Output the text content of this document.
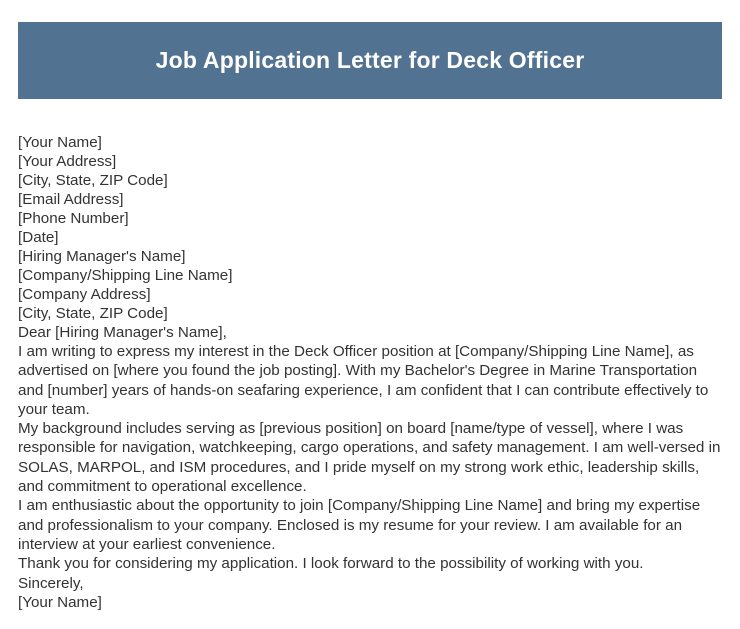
Job Application Letter for Deck Officer

[Your Name]

[Your Address]

[City, State, ZIP Code]

[Email Address]

[Phone Number]

[Date]

[Hiring Manager's Name]

[Company/Shipping Line Name]

[Company Address]

[City, State, ZIP Code]

Dear [Hiring Manager's Name],

I am writing to express my interest in the Deck Officer position at [Company/Shipping Line Name], as advertised on [where you found the job posting]. With my Bachelor's Degree in Marine Transportation and [number] years of hands-on seafaring experience, I am confident that I can contribute effectively to your team.

My background includes serving as [previous position] on board [name/type of vessel], where I was responsible for navigation, watchkeeping, cargo operations, and safety management. I am well-versed in SOLAS, MARPOL, and ISM procedures, and I pride myself on my strong work ethic, leadership skills, and commitment to operational excellence.

I am enthusiastic about the opportunity to join [Company/Shipping Line Name] and bring my expertise and professionalism to your company. Enclosed is my resume for your review. I am available for an interview at your earliest convenience.

Thank you for considering my application. I look forward to the possibility of working with you.

Sincerely,

[Your Name]
